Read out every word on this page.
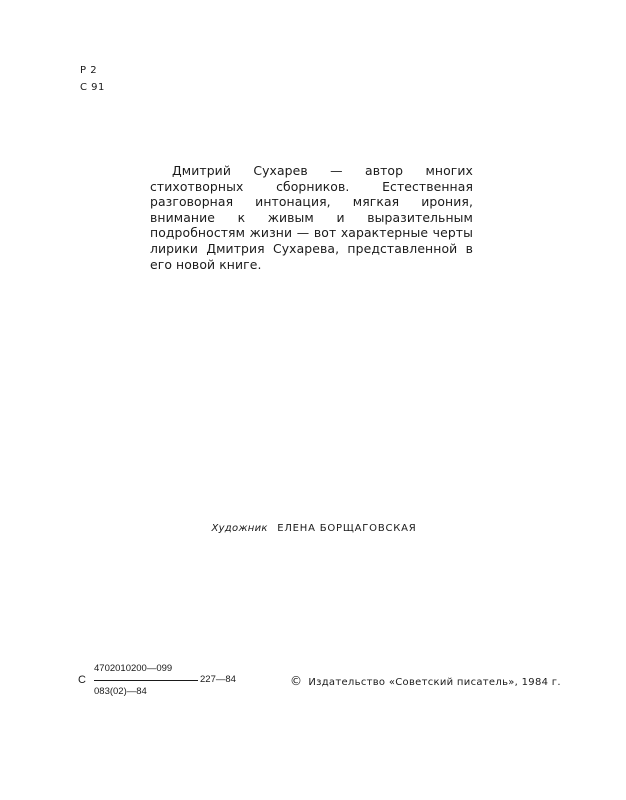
Р 2
С 91
Дмитрий Сухарев — автор многих стихотворных сборников. Естественная разговорная интонация, мягкая ирония, внимание к живым и выразительным подробностям жизни — вот характерные черты лирики Дмитрия Сухарева, представленной в его новой книге.
Художник ЕЛЕНА БОРЩАГОВСКАЯ
С
4702010200—099
227—84
083(02)—84
© Издательство «Советский писатель», 1984 г.
